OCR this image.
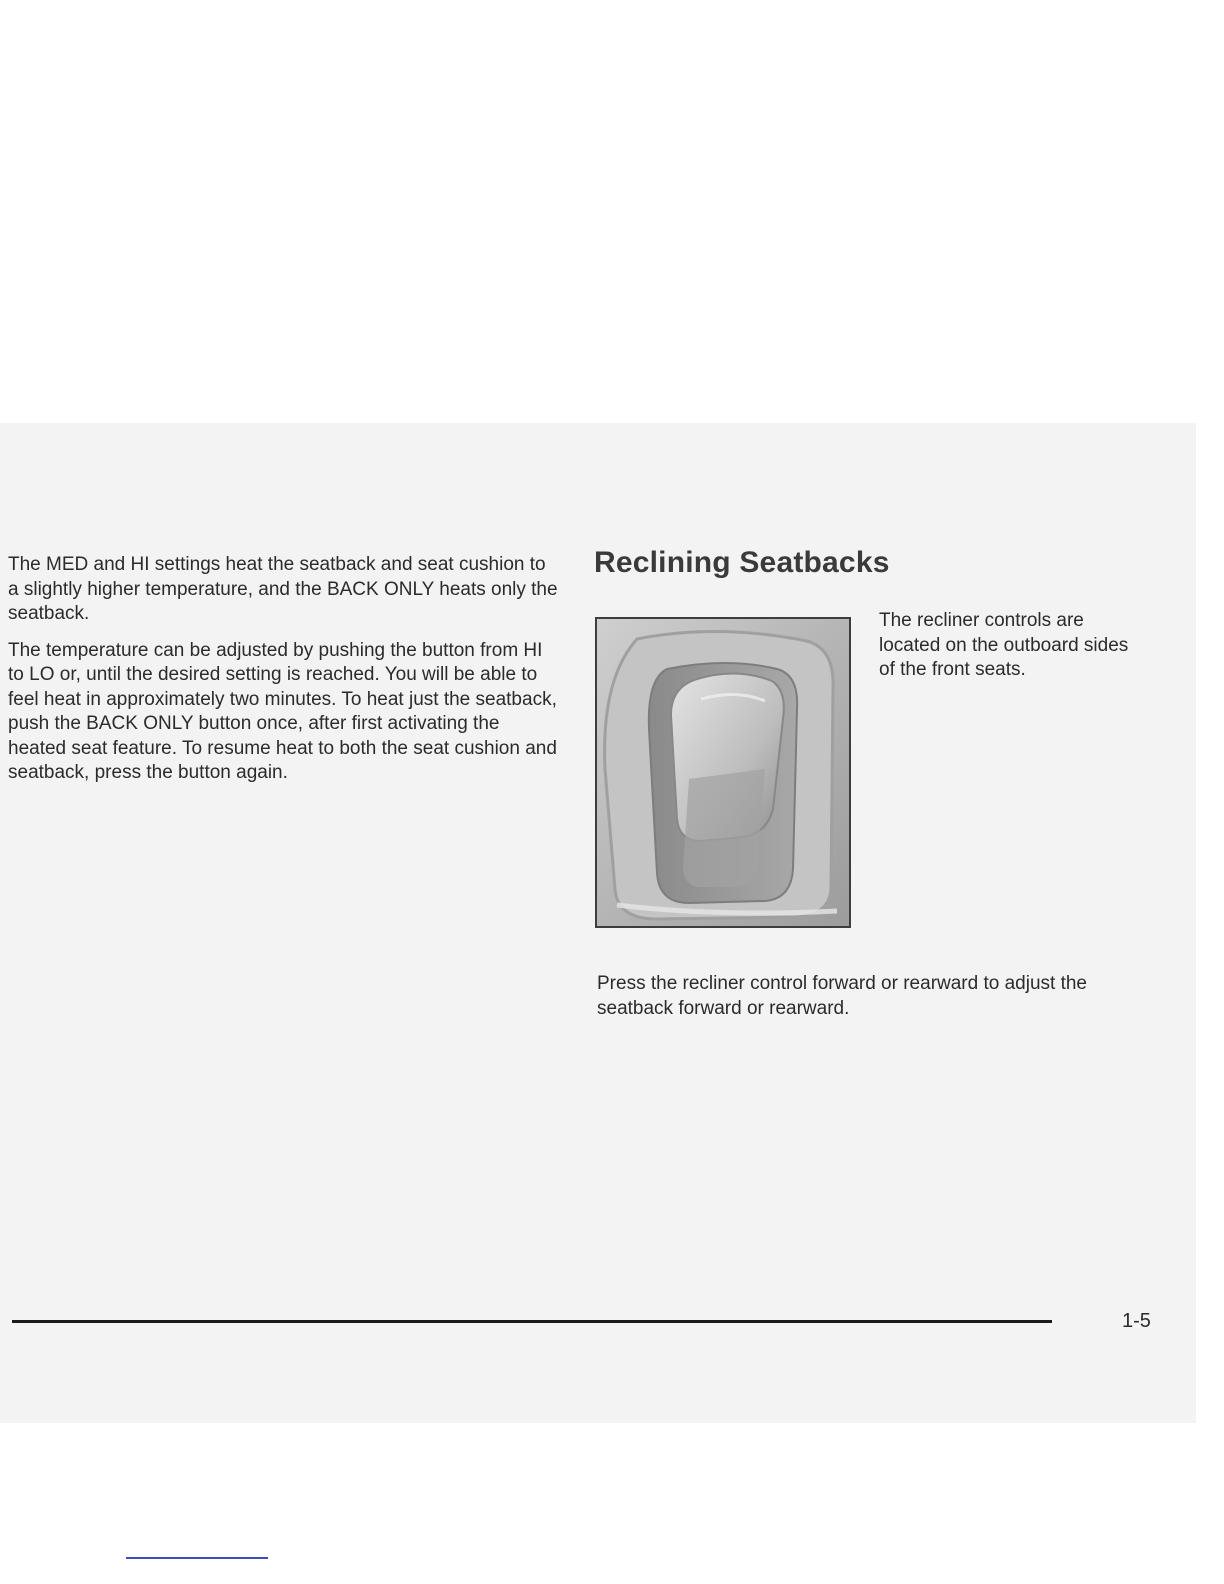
The MED and HI settings heat the seatback and seat cushion to a slightly higher temperature, and the BACK ONLY heats only the seatback.

The temperature can be adjusted by pushing the button from HI to LO or, until the desired setting is reached. You will be able to feel heat in approximately two minutes. To heat just the seatback, push the BACK ONLY button once, after first activating the heated seat feature. To resume heat to both the seat cushion and seatback, press the button again.

Reclining Seatbacks

The recliner controls are located on the outboard sides of the front seats.

Press the recliner control forward or rearward to adjust the seatback forward or rearward.

1-5
